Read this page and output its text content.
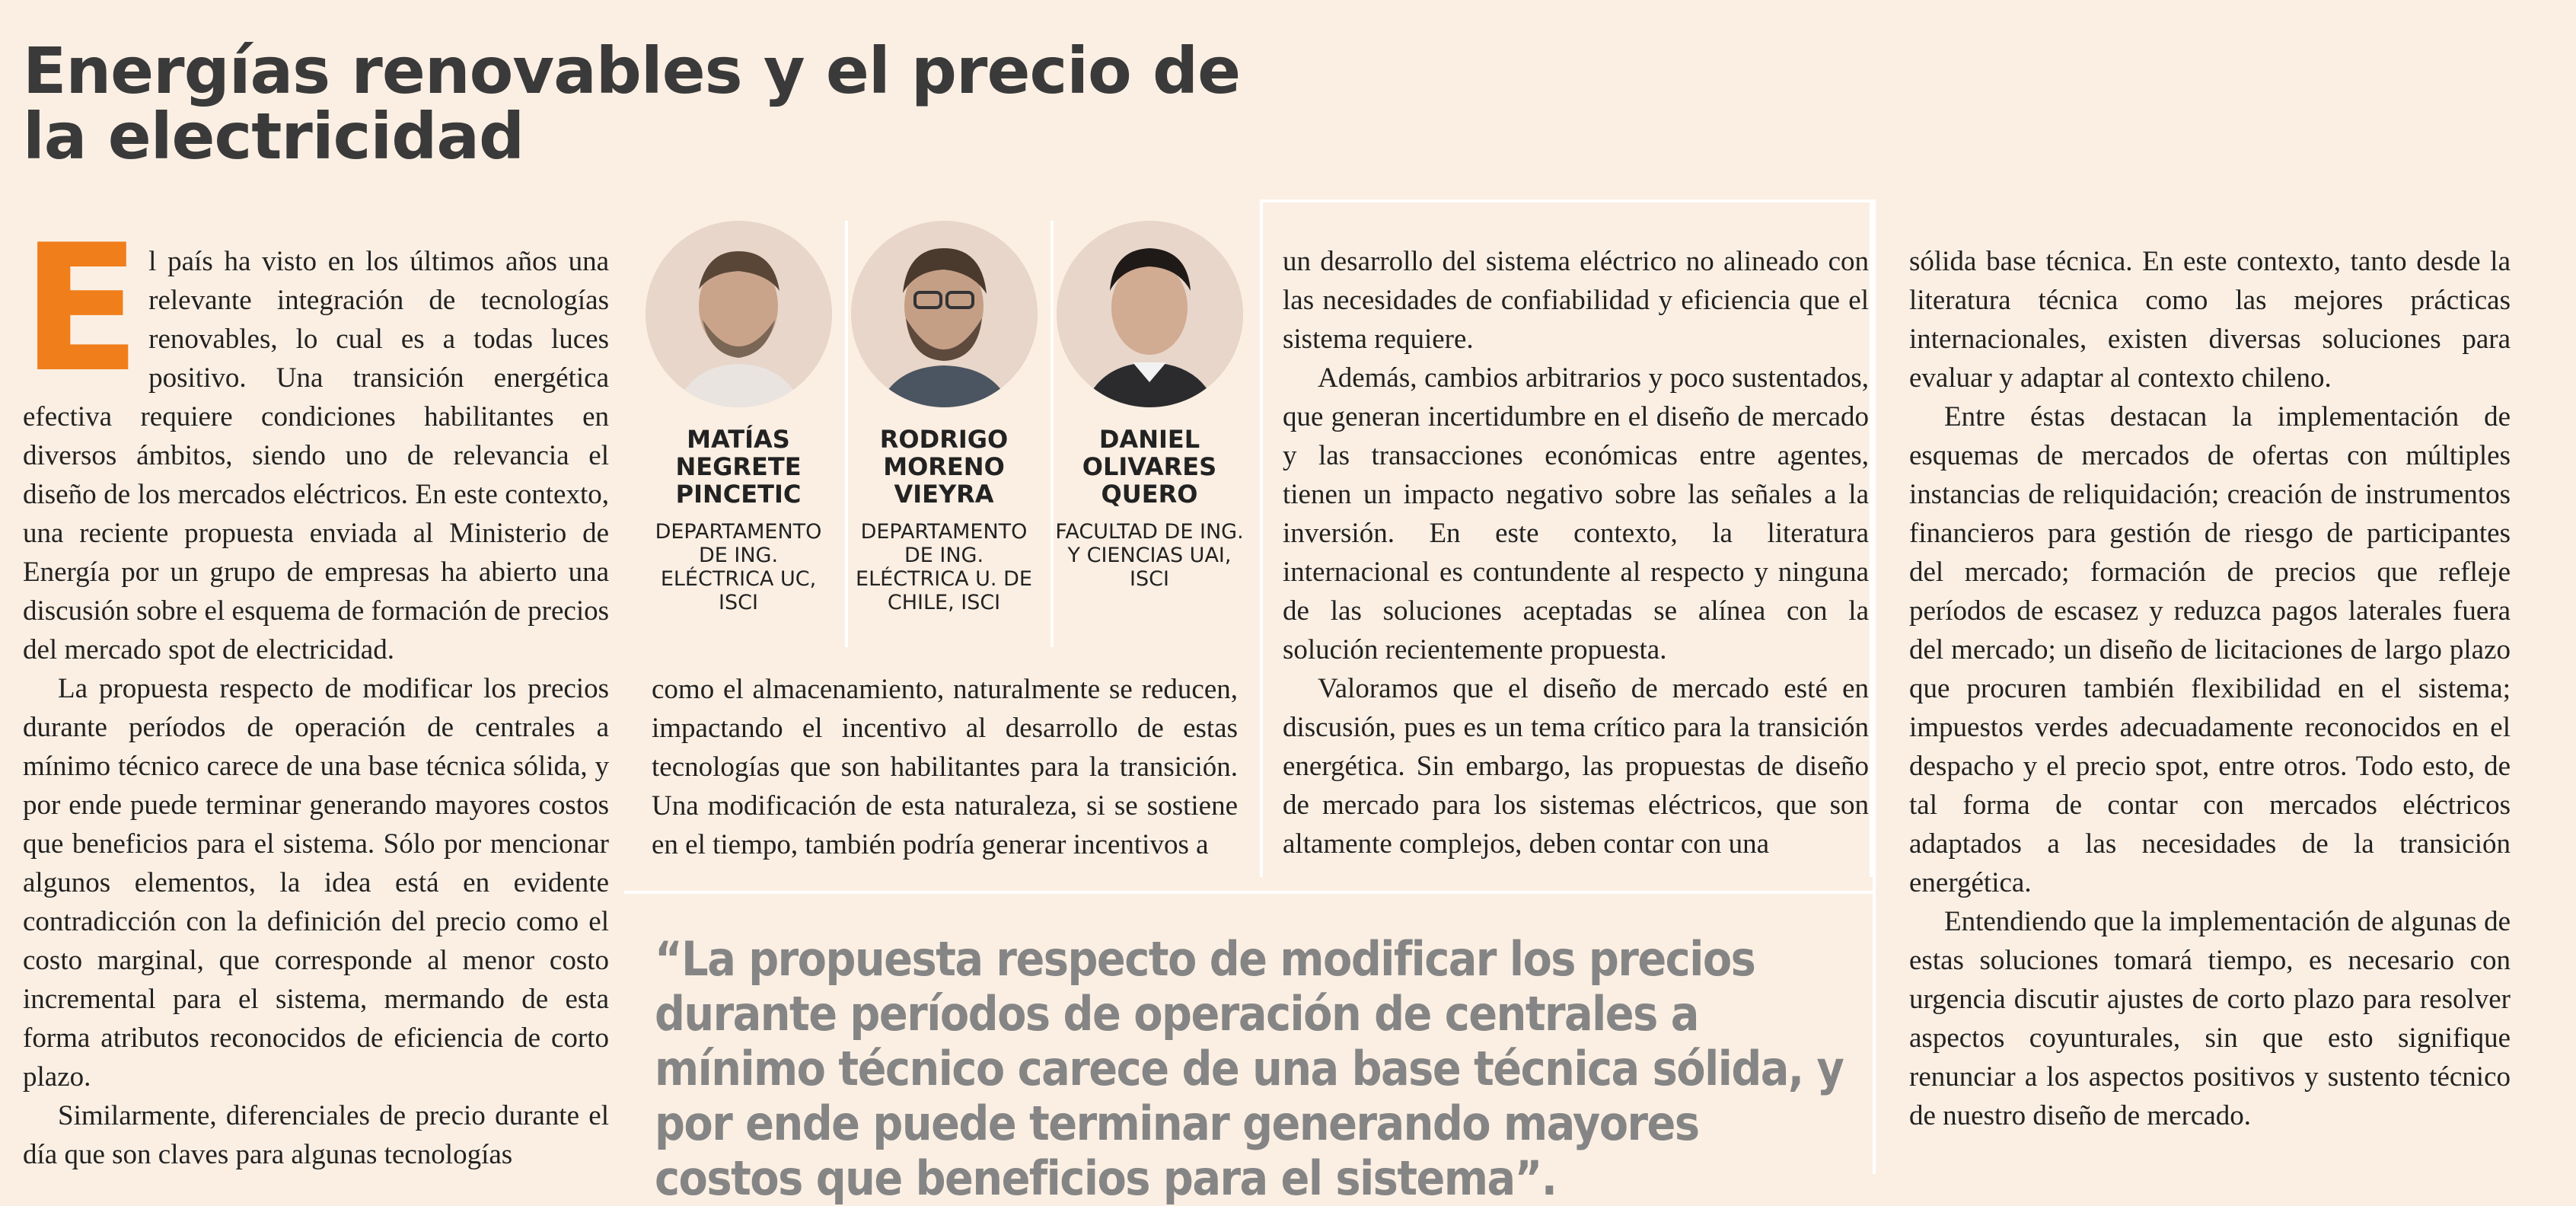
Energías renovables y el precio de la electricidad
E l país ha visto en los últimos años una relevante integración de tecnologías renovables, lo cual es a todas luces positivo. Una transición energética efectiva requiere condiciones habilitantes en diversos ámbitos, siendo uno de relevancia el diseño de los mercados eléctricos. En este contexto, una reciente propuesta enviada al Ministerio de Energía por un grupo de empresas ha abierto una discusión sobre el esquema de formación de precios del mercado spot de electricidad.

La propuesta respecto de modificar los precios durante períodos de operación de centrales a mínimo técnico carece de una base técnica sólida, y por ende puede terminar generando mayores costos que beneficios para el sistema. Sólo por mencionar algunos elementos, la idea está en evidente contradicción con la definición del precio como el costo marginal, que corresponde al menor costo incremental para el sistema, mermando de esta forma atributos reconocidos de eficiencia de corto plazo.

Similarmente, diferenciales de precio durante el día que son claves para algunas tecnologías

MATÍAS NEGRETE PINCETIC
DEPARTAMENTO DE ING. ELÉCTRICA UC, ISCI
RODRIGO MORENO VIEYRA
DEPARTAMENTO DE ING. ELÉCTRICA U. DE CHILE, ISCI
DANIEL OLIVARES QUERO
FACULTAD DE ING. Y CIENCIAS UAI, ISCI

como el almacenamiento, naturalmente se reducen, impactando el incentivo al desarrollo de estas tecnologías que son habilitantes para la transición. Una modificación de esta naturaleza, si se sostiene en el tiempo, también podría generar incentivos a

un desarrollo del sistema eléctrico no alineado con las necesidades de confiabilidad y eficiencia que el sistema requiere.

Además, cambios arbitrarios y poco sustentados, que generan incertidumbre en el diseño de mercado y las transacciones económicas entre agentes, tienen un impacto negativo sobre las señales a la inversión. En este contexto, la literatura internacional es contundente al respecto y ninguna de las soluciones aceptadas se alínea con la solución recientemente propuesta.

Valoramos que el diseño de mercado esté en discusión, pues es un tema crítico para la transición energética. Sin embargo, las propuestas de diseño de mercado para los sistemas eléctricos, que son altamente complejos, deben contar con una

sólida base técnica. En este contexto, tanto desde la literatura técnica como las mejores prácticas internacionales, existen diversas soluciones para evaluar y adaptar al contexto chileno.

Entre éstas destacan la implementación de esquemas de mercados de ofertas con múltiples instancias de reliquidación; creación de instrumentos financieros para gestión de riesgo de participantes del mercado; formación de precios que refleje períodos de escasez y reduzca pagos laterales fuera del mercado; un diseño de licitaciones de largo plazo que procuren también flexibilidad en el sistema; impuestos verdes adecuadamente reconocidos en el despacho y el precio spot, entre otros. Todo esto, de tal forma de contar con mercados eléctricos adaptados a las necesidades de la transición energética.

Entendiendo que la implementación de algunas de estas soluciones tomará tiempo, es necesario con urgencia discutir ajustes de corto plazo para resolver aspectos coyunturales, sin que esto signifique renunciar a los aspectos positivos y sustento técnico de nuestro diseño de mercado.

“La propuesta respecto de modificar los precios durante períodos de operación de centrales a mínimo técnico carece de una base técnica sólida, y por ende puede terminar generando mayores costos que beneficios para el sistema”.
